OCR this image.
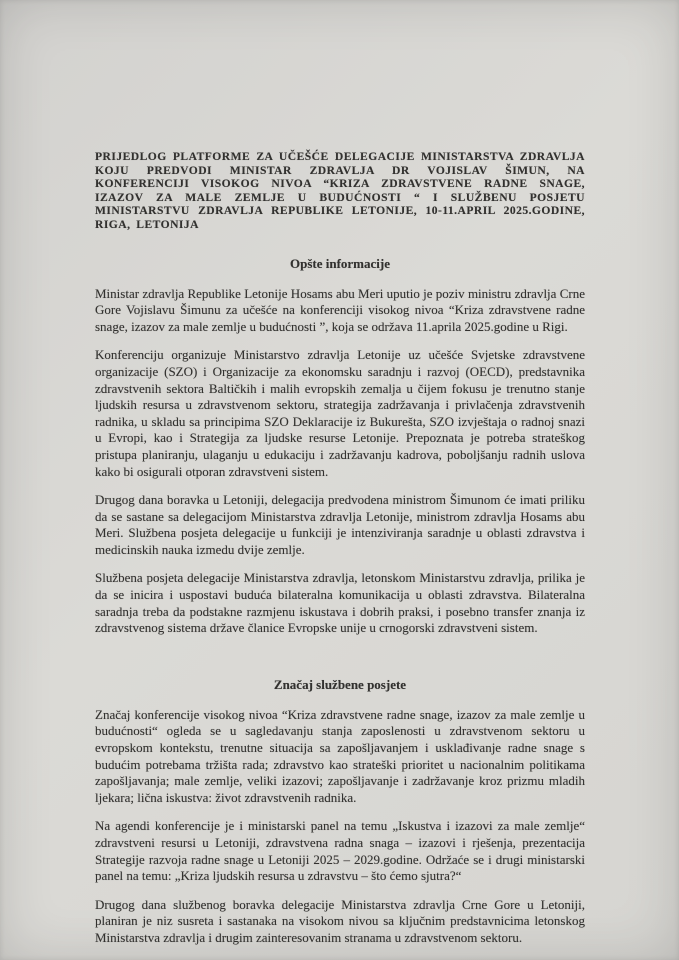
PRIJEDLOG PLATFORME ZA UČEŠĆE DELEGACIJE MINISTARSTVA ZDRAVLJA KOJU PREDVODI MINISTAR ZDRAVLJA DR VOJISLAV ŠIMUN, NA KONFERENCIJI VISOKOG NIVOA “KRIZA ZDRAVSTVENE RADNE SNAGE, IZAZOV ZA MALE ZEMLJE U BUDUĆNOSTI “ I SLUŽBENU POSJETU MINISTARSTVU ZDRAVLJA REPUBLIKE LETONIJE, 10-11.APRIL 2025.GODINE, RIGA, LETONIJA
Opšte informacije

Ministar zdravlja Republike Letonije Hosams abu Meri uputio je poziv ministru zdravlja Crne Gore Vojislavu Šimunu za učešće na konferenciji visokog nivoa “Kriza zdravstvene radne snage, izazov za male zemlje u budućnosti ”, koja se održava 11.aprila 2025.godine u Rigi.

Konferenciju organizuje Ministarstvo zdravlja Letonije uz učešće Svjetske zdravstvene organizacije (SZO) i Organizacije za ekonomsku saradnju i razvoj (OECD), predstavnika zdravstvenih sektora Baltičkih i malih evropskih zemalja u čijem fokusu je trenutno stanje ljudskih resursa u zdravstvenom sektoru, strategija zadržavanja i privlačenja zdravstvenih radnika, u skladu sa principima SZO Deklaracije iz Bukurešta, SZO izvještaja o radnoj snazi u Evropi, kao i Strategija za ljudske resurse Letonije. Prepoznata je potreba strateškog pristupa planiranju, ulaganju u edukaciju i zadržavanju kadrova, poboljšanju radnih uslova kako bi osigurali otporan zdravstveni sistem.

Drugog dana boravka u Letoniji, delegacija predvodena ministrom Šimunom će imati priliku da se sastane sa delegacijom Ministarstva zdravlja Letonije, ministrom zdravlja Hosams abu Meri. Službena posjeta delegacije u funkciji je intenziviranja saradnje u oblasti zdravstva i medicinskih nauka izmedu dvije zemlje.

Službena posjeta delegacije Ministarstva zdravlja, letonskom Ministarstvu zdravlja, prilika je da se inicira i uspostavi buduća bilateralna komunikacija u oblasti zdravstva. Bilateralna saradnja treba da podstakne razmjenu iskustava i dobrih praksi, i posebno transfer znanja iz zdravstvenog sistema države članice Evropske unije u crnogorski zdravstveni sistem.

Značaj službene posjete

Značaj konferencije visokog nivoa “Kriza zdravstvene radne snage, izazov za male zemlje u budućnosti“ ogleda se u sagledavanju stanja zaposlenosti u zdravstvenom sektoru u evropskom kontekstu, trenutne situacija sa zapošljavanjem i usklađivanje radne snage s budućim potrebama tržišta rada; zdravstvo kao strateški prioritet u nacionalnim politikama zapošljavanja; male zemlje, veliki izazovi; zapošljavanje i zadržavanje kroz prizmu mladih ljekara; lična iskustva: život zdravstvenih radnika.

Na agendi konferencije je i ministarski panel na temu „Iskustva i izazovi za male zemlje“ zdravstveni resursi u Letoniji, zdravstvena radna snaga – izazovi i rješenja, prezentacija Strategije razvoja radne snage u Letoniji 2025 – 2029.godine. Održaće se i drugi ministarski panel na temu: „Kriza ljudskih resursa u zdravstvu – što ćemo sjutra?“

Drugog dana službenog boravka delegacije Ministarstva zdravlja Crne Gore u Letoniji, planiran je niz susreta i sastanaka na visokom nivou sa ključnim predstavnicima letonskog Ministarstva zdravlja i drugim zainteresovanim stranama u zdravstvenom sektoru.
